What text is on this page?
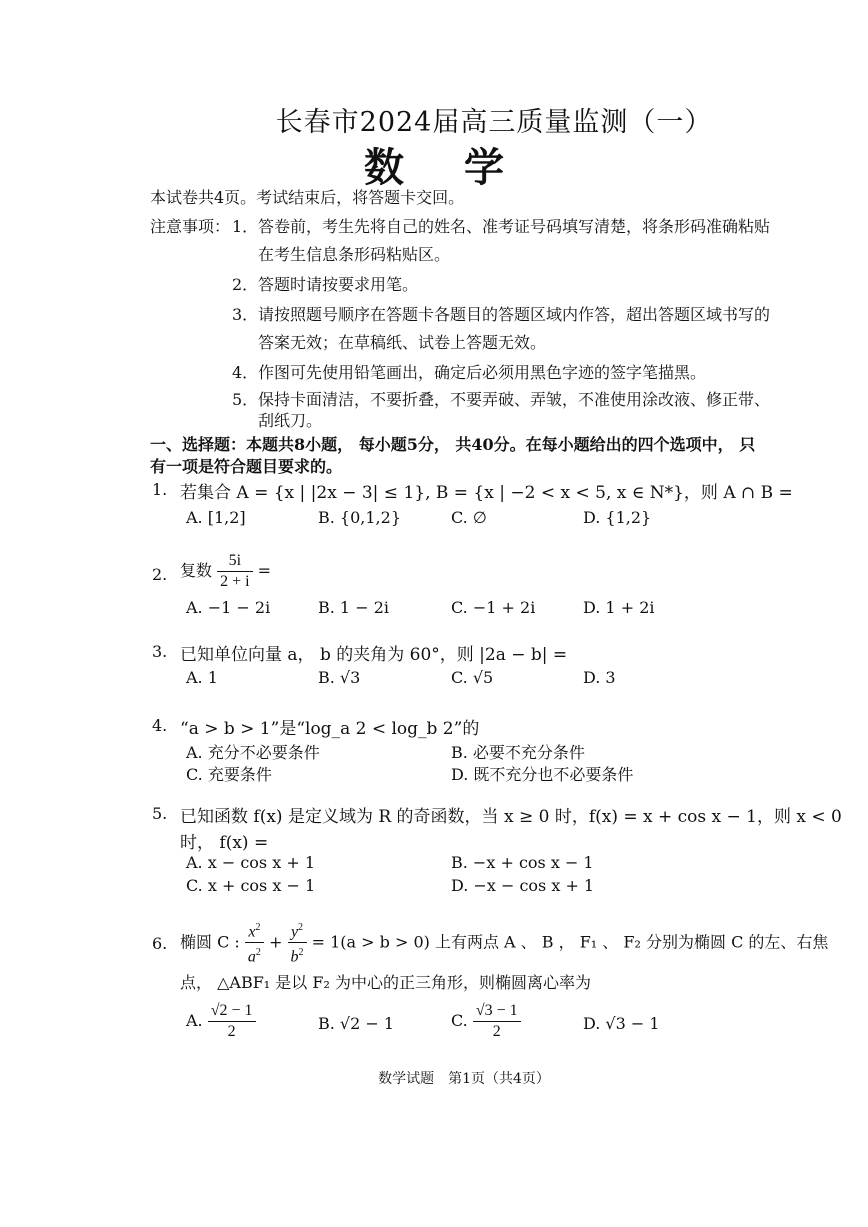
长春市2024届高三质量监测（一）
数学
本试卷共4页。考试结束后，将答题卡交回。
注意事项： 1． 答卷前，考生先将自己的姓名、准考证号码填写清楚，将条形码准确粘贴
在考生信息条形码粘贴区。
2． 答题时请按要求用笔。
3． 请按照题号顺序在答题卡各题目的答题区域内作答，超出答题区域书写的
答案无效；在草稿纸、试卷上答题无效。
4． 作图可先使用铅笔画出，确定后必须用黑色字迹的签字笔描黑。
5． 保持卡面清洁，不要折叠，不要弄破、弄皱，不准使用涂改液、修正带、
刮纸刀。
一、选择题：本题共8小题， 每小题5分， 共40分。在每小题给出的四个选项中， 只
有一项是符合题目要求的。
1. 若集合 A = {x | |2x − 3| ≤ 1}, B = {x | −2 < x < 5, x ∈ N*}，则 A ∩ B =
A. [1,2]	B. {0,1,2}	C. ∅	D. {1,2}
2. 复数 $\frac{5i}{2 + i}$ =
A. −1 − 2i	B. 1 − 2i	C. −1 + 2i	D. 1 + 2i
3. 已知单位向量 a， b 的夹角为 60°，则 |2a − b| =
A. 1	B. √3	C. √5	D. 3
4. “a > b > 1”是“log_a 2 < log_b 2”的
A. 充分不必要条件	B. 必要不充分条件
C. 充要条件	D. 既不充分也不必要条件
5. 已知函数 f(x) 是定义域为 R 的奇函数，当 x ≥ 0 时，f(x) = x + cos x − 1，则 x < 0
时， f(x) =
A. x − cos x + 1	B. −x + cos x − 1
C. x + cos x − 1	D. −x − cos x + 1
6. 椭圆 C : $\frac{x^2}{a^2} + \frac{y^2}{b^2} = 1(a > b > 0)$ 上有两点 A 、 B ， F₁ 、 F₂ 分别为椭圆 C 的左、右焦
点， △ABF₁ 是以 F₂ 为中心的正三角形，则椭圆离心率为
A. $\frac{√2 - 1}{2}$	B. √2 − 1	C. $\frac{√3 - 1}{2}$	D. √3 − 1
数学试题　第1页（共4页）
